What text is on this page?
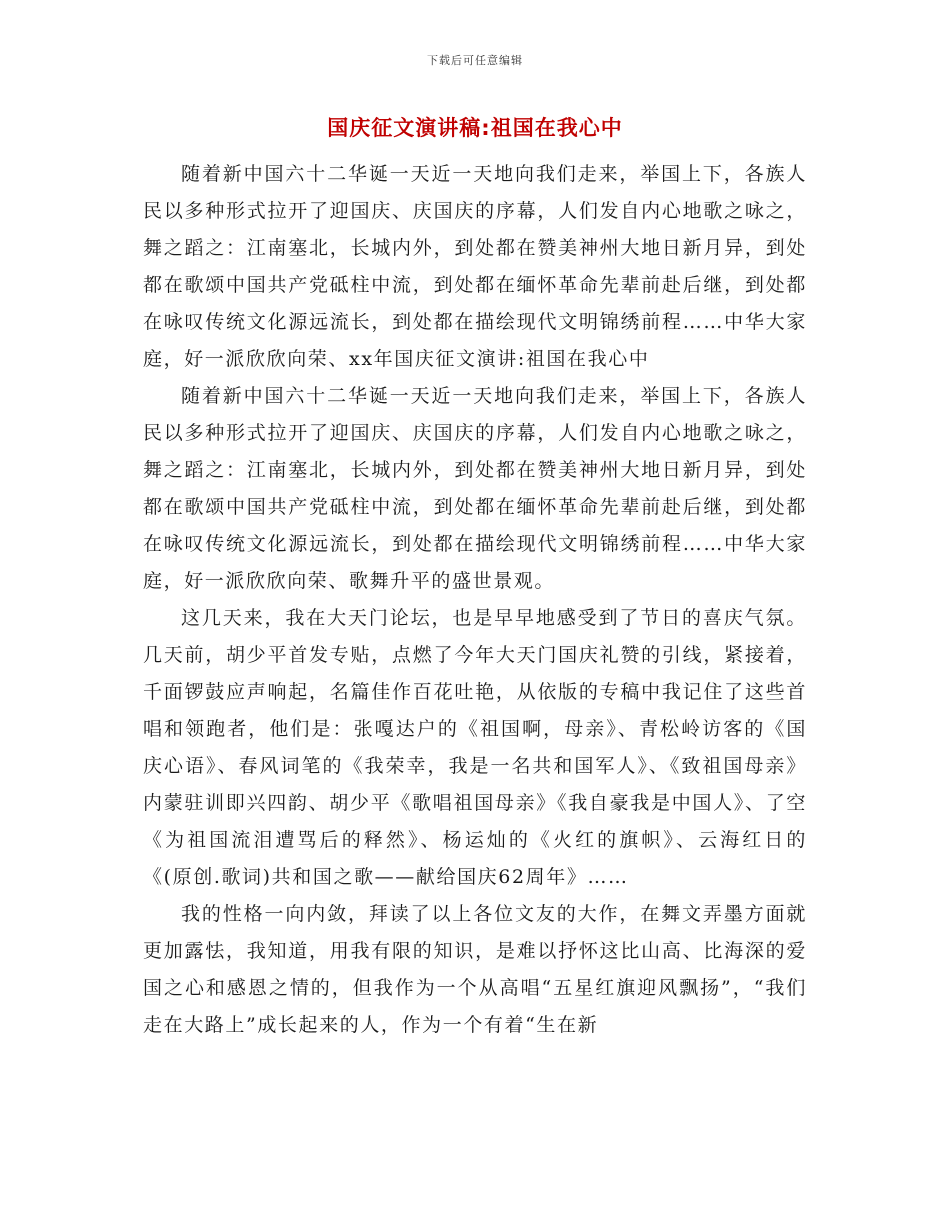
下载后可任意编辑
国庆征文演讲稿:祖国在我心中

随着新中国六十二华诞一天近一天地向我们走来，举国上下，各族人民以多种形式拉开了迎国庆、庆国庆的序幕，人们发自内心地歌之咏之，舞之蹈之：江南塞北，长城内外，到处都在赞美神州大地日新月异，到处都在歌颂中国共产党砥柱中流，到处都在缅怀革命先辈前赴后继，到处都在咏叹传统文化源远流长，到处都在描绘现代文明锦绣前程……中华大家庭，好一派欣欣向荣、xx年国庆征文演讲:祖国在我心中

随着新中国六十二华诞一天近一天地向我们走来，举国上下，各族人民以多种形式拉开了迎国庆、庆国庆的序幕，人们发自内心地歌之咏之，舞之蹈之：江南塞北，长城内外，到处都在赞美神州大地日新月异，到处都在歌颂中国共产党砥柱中流，到处都在缅怀革命先辈前赴后继，到处都在咏叹传统文化源远流长，到处都在描绘现代文明锦绣前程……中华大家庭，好一派欣欣向荣、歌舞升平的盛世景观。

这几天来，我在大天门论坛，也是早早地感受到了节日的喜庆气氛。几天前，胡少平首发专贴，点燃了今年大天门国庆礼赞的引线，紧接着，千面锣鼓应声响起，名篇佳作百花吐艳，从依版的专稿中我记住了这些首唱和领跑者，他们是：张嘎达户的《祖国啊，母亲》、青松岭访客的《国庆心语》、春风词笔的《我荣幸，我是一名共和国军人》、《致祖国母亲》内蒙驻训即兴四韵、胡少平《歌唱祖国母亲》《我自豪我是中国人》、了空《为祖国流泪遭骂后的释然》、杨运灿的《火红的旗帜》、云海红日的《(原创.歌词)共和国之歌——献给国庆62周年》……

我的性格一向内敛，拜读了以上各位文友的大作，在舞文弄墨方面就更加露怯，我知道，用我有限的知识，是难以抒怀这比山高、比海深的爱国之心和感恩之情的，但我作为一个从高唱“五星红旗迎风飘扬”，“我们走在大路上”成长起来的人，作为一个有着“生在新
